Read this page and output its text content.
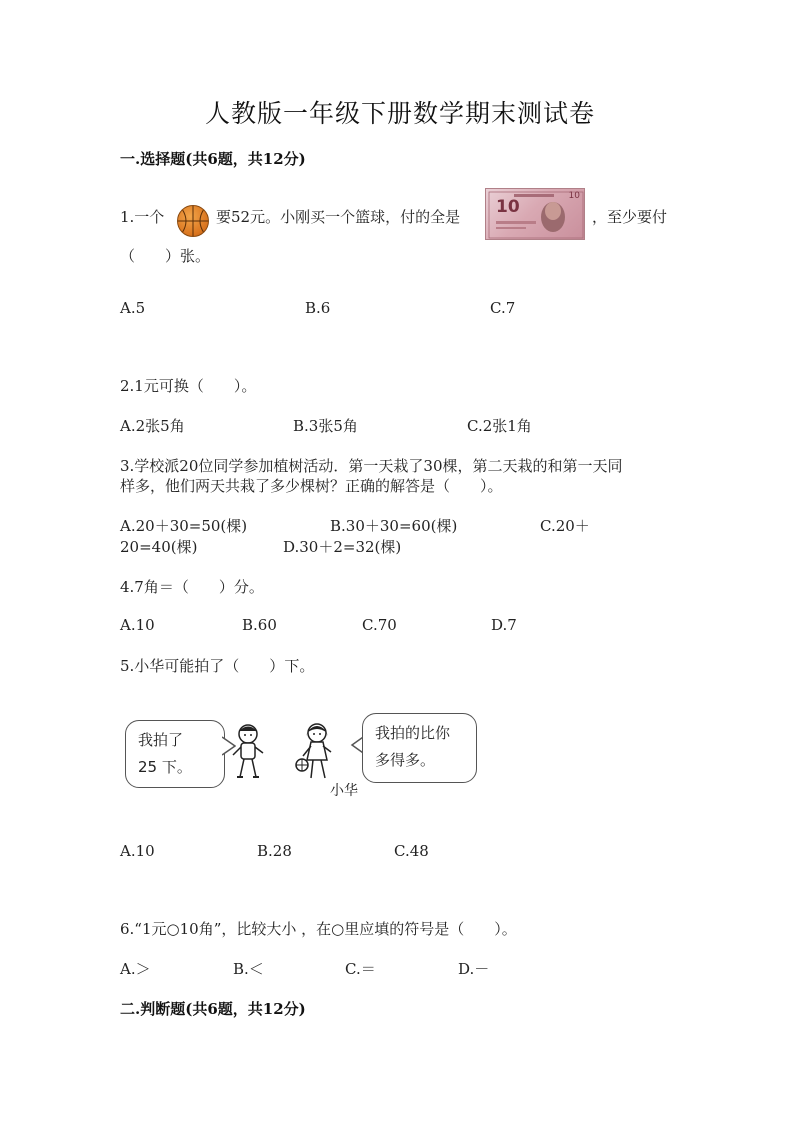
人教版一年级下册数学期末测试卷
一.选择题(共6题，共12分)
1.一个	要52元。小刚买一个篮球，付的全是 10
10
，至少要付
（　　）张。
A.5	B.6	C.7
2.1元可换（　　）。
A.2张5角	B.3张5角	C.2张1角
3.学校派20位同学参加植树活动．第一天栽了30棵，第二天栽的和第一天同
样多，他们两天共栽了多少棵树？正确的解答是（　　）。
A.20＋30=50(棵)	B.30＋30=60(棵)	C.20＋
20=40(棵)	D.30＋2=32(棵)
4.7角＝（　　）分。
A.10	B.60	C.70	D.7
5.小华可能拍了（　　）下。
我拍了
25 下。
小华
我拍的比你
多得多。
A.10	B.28	C.48
6.“1元○10角”，比较大小 ，在○里应填的符号是（　　）。
A.＞	B.＜	C.＝	D.－
二.判断题(共6题，共12分)
